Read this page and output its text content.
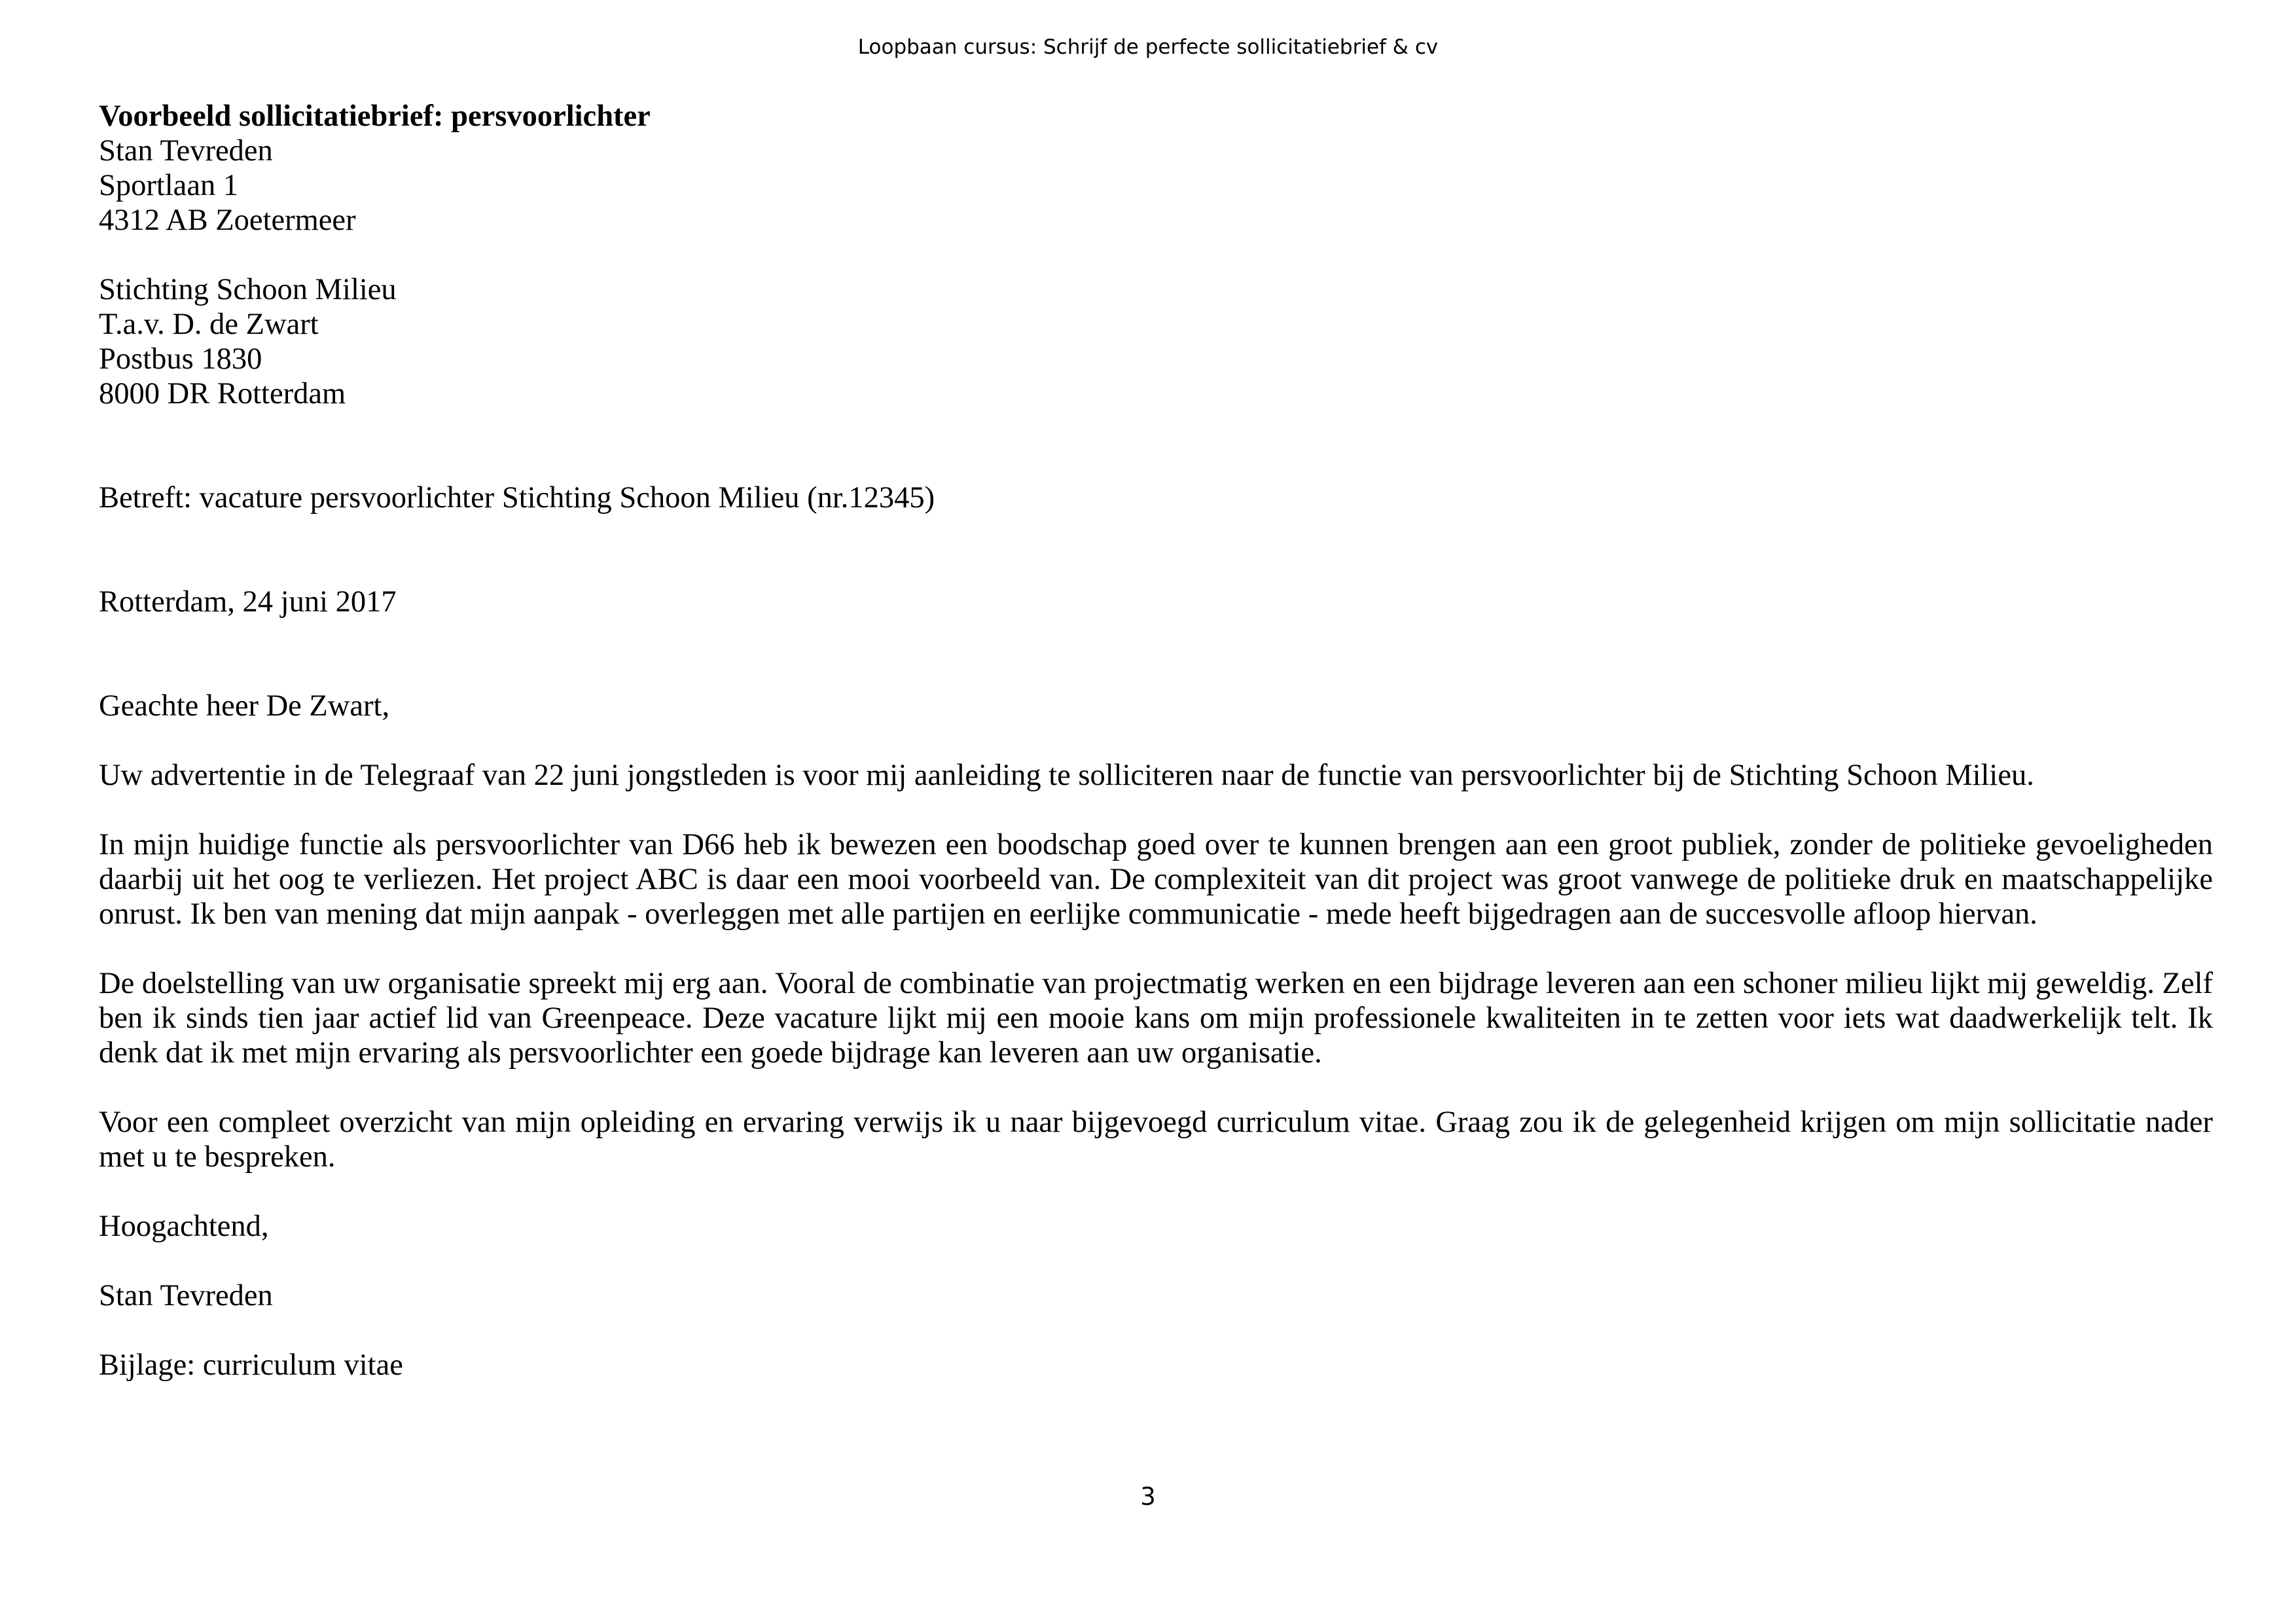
Loopbaan cursus: Schrijf de perfecte sollicitatiebrief & cv
Voorbeeld sollicitatiebrief: persvoorlichter
Stan Tevreden
Sportlaan 1
4312 AB Zoetermeer
Stichting Schoon Milieu
T.a.v. D. de Zwart
Postbus 1830
8000 DR Rotterdam
Betreft: vacature persvoorlichter Stichting Schoon Milieu (nr.12345)
Rotterdam, 24 juni 2017
Geachte heer De Zwart,
Uw advertentie in de Telegraaf van 22 juni jongstleden is voor mij aanleiding te solliciteren naar de functie van persvoorlichter bij de Stichting Schoon Milieu.
In mijn huidige functie als persvoorlichter van D66 heb ik bewezen een boodschap goed over te kunnen brengen aan een groot publiek, zonder de politieke gevoeligheden daarbij uit het oog te verliezen. Het project ABC is daar een mooi voorbeeld van. De complexiteit van dit project was groot vanwege de politieke druk en maatschappelijke onrust. Ik ben van mening dat mijn aanpak - overleggen met alle partijen en eerlijke communicatie - mede heeft bijgedragen aan de succesvolle afloop hiervan.
De doelstelling van uw organisatie spreekt mij erg aan. Vooral de combinatie van projectmatig werken en een bijdrage leveren aan een schoner milieu lijkt mij geweldig. Zelf ben ik sinds tien jaar actief lid van Greenpeace. Deze vacature lijkt mij een mooie kans om mijn professionele kwaliteiten in te zetten voor iets wat daadwerkelijk telt. Ik denk dat ik met mijn ervaring als persvoorlichter een goede bijdrage kan leveren aan uw organisatie.
Voor een compleet overzicht van mijn opleiding en ervaring verwijs ik u naar bijgevoegd curriculum vitae. Graag zou ik de gelegenheid krijgen om mijn sollicitatie nader met u te bespreken.
Hoogachtend,
Stan Tevreden
Bijlage: curriculum vitae
3
